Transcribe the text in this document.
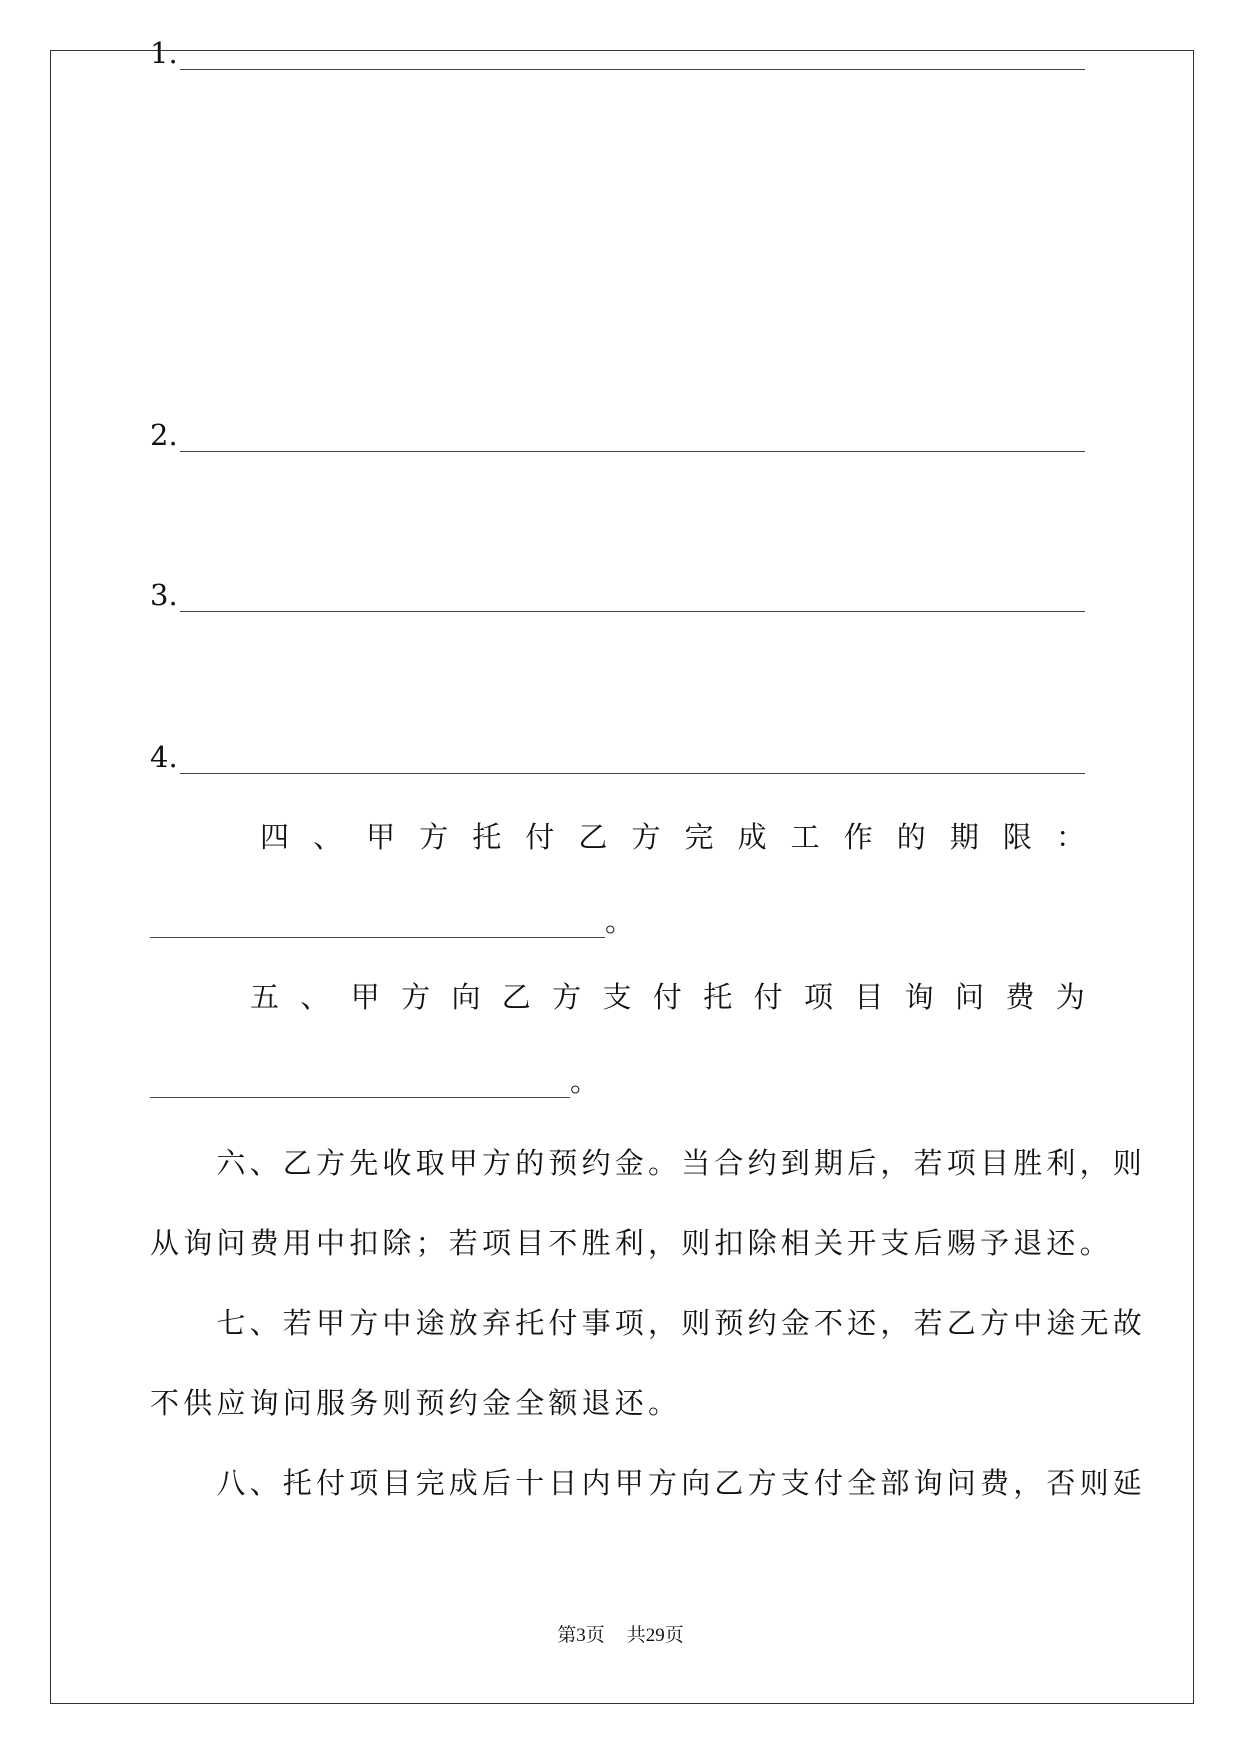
1.
2.
3.
4.
四 、 甲 方 托 付 乙 方 完 成 工 作 的 期 限 ：
。
五 、 甲 方 向 乙 方 支 付 托 付 项 目 询 问 费 为
。
　　六、乙方先收取甲方的预约金。当合约到期后，若项目胜利，则
从询问费用中扣除；若项目不胜利，则扣除相关开支后赐予退还。
　　七、若甲方中途放弃托付事项，则预约金不还，若乙方中途无故
不供应询问服务则预约金全额退还。
　　八、托付项目完成后十日内甲方向乙方支付全部询问费，否则延
第3页 共29页
